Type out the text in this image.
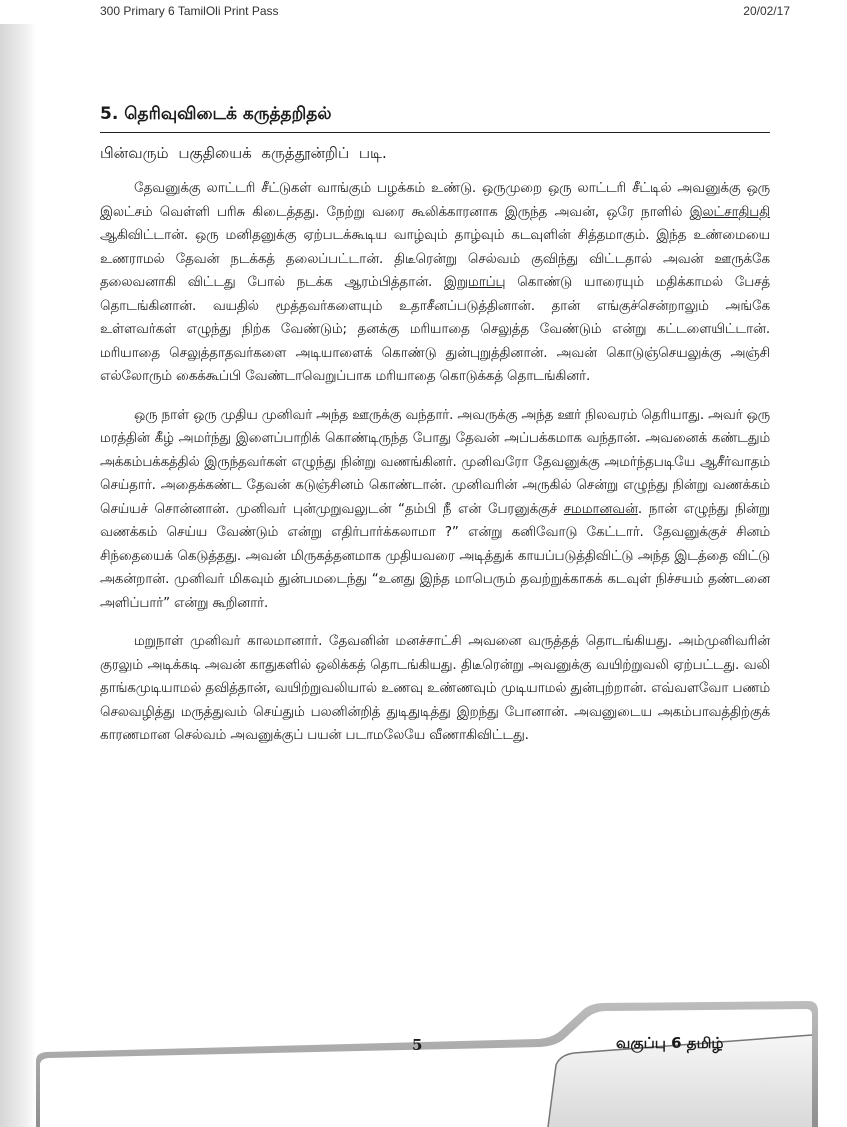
300 Primary 6 TamilOli Print Pass	20/02/17
5. தெரிவுவிடைக் கருத்தறிதல்
பின்வரும் பகுதியைக் கருத்தூன்றிப் படி.

தேவனுக்கு லாட்டரி சீட்டுகள் வாங்கும் பழக்கம் உண்டு. ஒருமுறை ஒரு லாட்டரி சீட்டில் அவனுக்கு ஒரு இலட்சம் வெள்ளி பரிசு கிடைத்தது. நேற்று வரை கூலிக்காரனாக இருந்த அவன், ஒரே நாளில் இலட்சாதிபதி ஆகிவிட்டான். ஒரு மனிதனுக்கு ஏற்படக்கூடிய வாழ்வும் தாழ்வும் கடவுளின் சித்தமாகும். இந்த உண்மையை உணராமல் தேவன் நடக்கத் தலைப்பட்டான். திடீரென்று செல்வம் குவிந்து விட்டதால் அவன் ஊருக்கே தலைவனாகி விட்டது போல் நடக்க ஆரம்பித்தான். இறுமாப்பு கொண்டு யாரையும் மதிக்காமல் பேசத் தொடங்கினான். வயதில் மூத்தவர்களையும் உதாசீனப்படுத்தினான். தான் எங்குச்சென்றாலும் அங்கே உள்ளவர்கள் எழுந்து நிற்க வேண்டும்; தனக்கு மரியாதை செலுத்த வேண்டும் என்று கட்டளையிட்டான். மரியாதை செலுத்தாதவர்களை அடியாளைக் கொண்டு துன்புறுத்தினான். அவன் கொடுஞ்செயலுக்கு அஞ்சி எல்லோரும் கைக்கூப்பி வேண்டாவெறுப்பாக மரியாதை கொடுக்கத் தொடங்கினர்.

ஒரு நாள் ஒரு முதிய முனிவர் அந்த ஊருக்கு வந்தார். அவருக்கு அந்த ஊர் நிலவரம் தெரியாது. அவர் ஒரு மரத்தின் கீழ் அமர்ந்து இளைப்பாறிக் கொண்டிருந்த போது தேவன் அப்பக்கமாக வந்தான். அவனைக் கண்டதும் அக்கம்பக்கத்தில் இருந்தவர்கள் எழுந்து நின்று வணங்கினர். முனிவரோ தேவனுக்கு அமர்ந்தபடியே ஆசீர்வாதம் செய்தார். அதைக்கண்ட தேவன் கடுஞ்சினம் கொண்டான். முனிவரின் அருகில் சென்று எழுந்து நின்று வணக்கம் செய்யச் சொன்னான். முனிவர் புன்முறுவலுடன் “தம்பி நீ என் பேரனுக்குச் சமமானவன். நான் எழுந்து நின்று வணக்கம் செய்ய வேண்டும் என்று எதிர்பார்க்கலாமா ?” என்று கனிவோடு கேட்டார். தேவனுக்குச் சினம் சிந்தையைக் கெடுத்தது. அவன் மிருகத்தனமாக முதியவரை அடித்துக் காயப்படுத்திவிட்டு அந்த இடத்தை விட்டு அகன்றான். முனிவர் மிகவும் துன்பமடைந்து “உனது இந்த மாபெரும் தவற்றுக்காகக் கடவுள் நிச்சயம் தண்டனை அளிப்பார்” என்று கூறினார்.

மறுநாள் முனிவர் காலமானார். தேவனின் மனச்சாட்சி அவனை வருத்தத் தொடங்கியது. அம்முனிவரின் குரலும் அடிக்கடி அவன் காதுகளில் ஒலிக்கத் தொடங்கியது. திடீரென்று அவனுக்கு வயிற்றுவலி ஏற்பட்டது. வலி தாங்கமுடியாமல் தவித்தான், வயிற்றுவலியால் உணவு உண்ணவும் முடியாமல் துன்புற்றான். எவ்வளவோ பணம் செலவழித்து மருத்துவம் செய்தும் பலனின்றித் துடிதுடித்து இறந்து போனான். அவனுடைய அகம்பாவத்திற்குக் காரணமான செல்வம் அவனுக்குப் பயன் படாமலேயே வீணாகிவிட்டது.

5	வகுப்பு 6 தமிழ்
